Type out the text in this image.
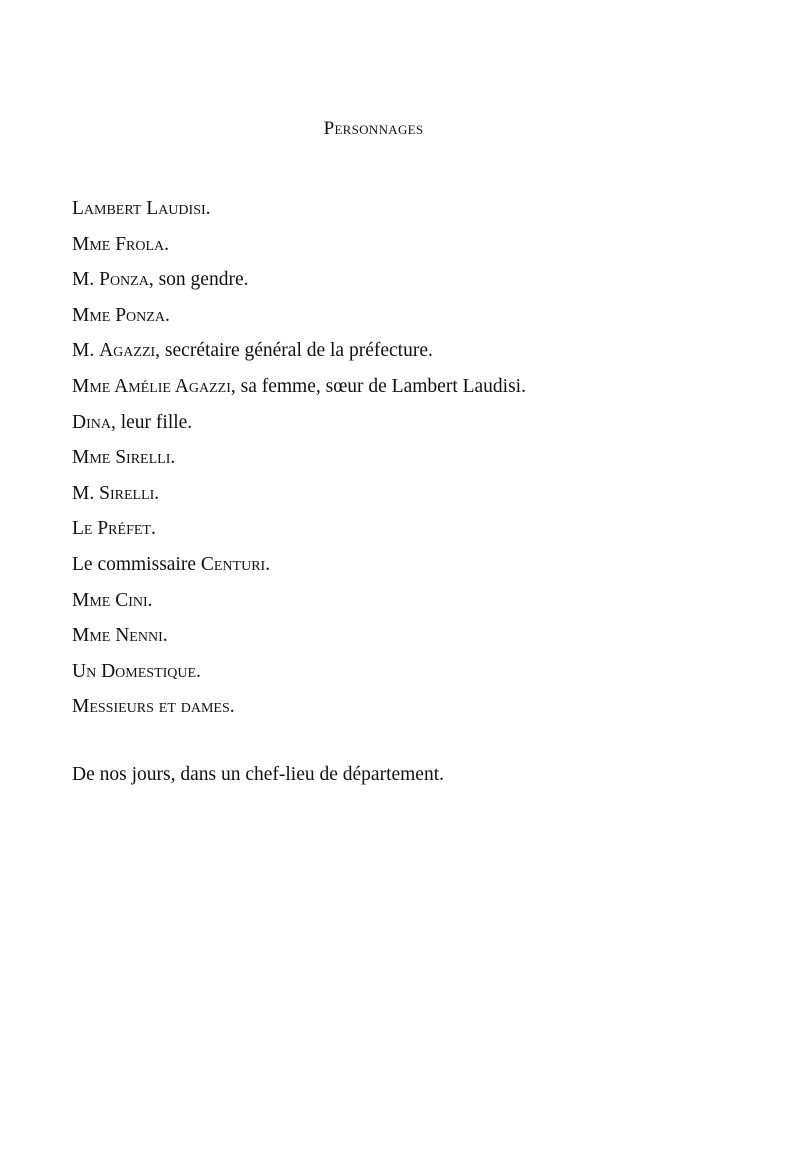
Personnages
Lambert Laudisi.
Mme Frola.
M. Ponza, son gendre.
Mme Ponza.
M. Agazzi, secrétaire général de la préfecture.
Mme Amélie Agazzi, sa femme, sœur de Lambert Laudisi.
Dina, leur fille.
Mme Sirelli.
M. Sirelli.
Le Préfet.
Le commissaire Centuri.
Mme Cini.
Mme Nenni.
Un Domestique.
Messieurs et dames.
De nos jours, dans un chef-lieu de département.
